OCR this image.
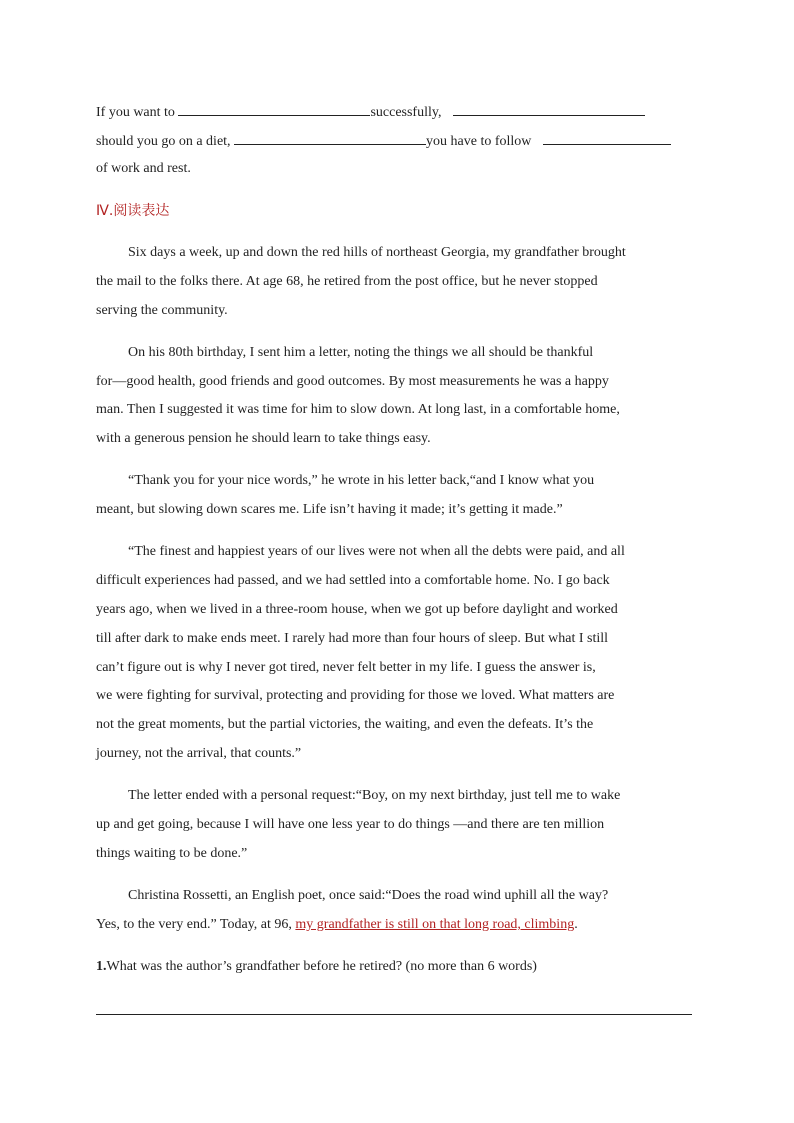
If you want to	successfully,
should you go on a diet,	you have to follow
of work and rest.
Ⅳ.阅读表达
Six days a week, up and down the red hills of northeast Georgia, my grandfather brought
the mail to the folks there. At age 68, he retired from the post office, but he never stopped
serving the community.
On his 80th birthday, I sent him a letter, noting the things we all should be thankful
for—good health, good friends and good outcomes. By most measurements he was a happy
man. Then I suggested it was time for him to slow down. At long last, in a comfortable home,
with a generous pension he should learn to take things easy.
“Thank you for your nice words,” he wrote in his letter back,“and I know what you
meant, but slowing down scares me. Life isn’t having it made; it’s getting it made.”
“The finest and happiest years of our lives were not when all the debts were paid, and all
difficult experiences had passed, and we had settled into a comfortable home. No. I go back
years ago, when we lived in a three-room house, when we got up before daylight and worked
till after dark to make ends meet. I rarely had more than four hours of sleep. But what I still
can’t figure out is why I never got tired, never felt better in my life. I guess the answer is,
we were fighting for survival, protecting and providing for those we loved. What matters are
not the great moments, but the partial victories, the waiting, and even the defeats. It’s the
journey, not the arrival, that counts.”
The letter ended with a personal request:“Boy, on my next birthday, just tell me to wake
up and get going, because I will have one less year to do things —and there are ten million
things waiting to be done.”
Christina Rossetti, an English poet, once said:“Does the road wind uphill all the way?
Yes, to the very end.” Today, at 96, my grandfather is still on that long road, climbing.
1.What was the author’s grandfather before he retired? (no more than 6 words)
